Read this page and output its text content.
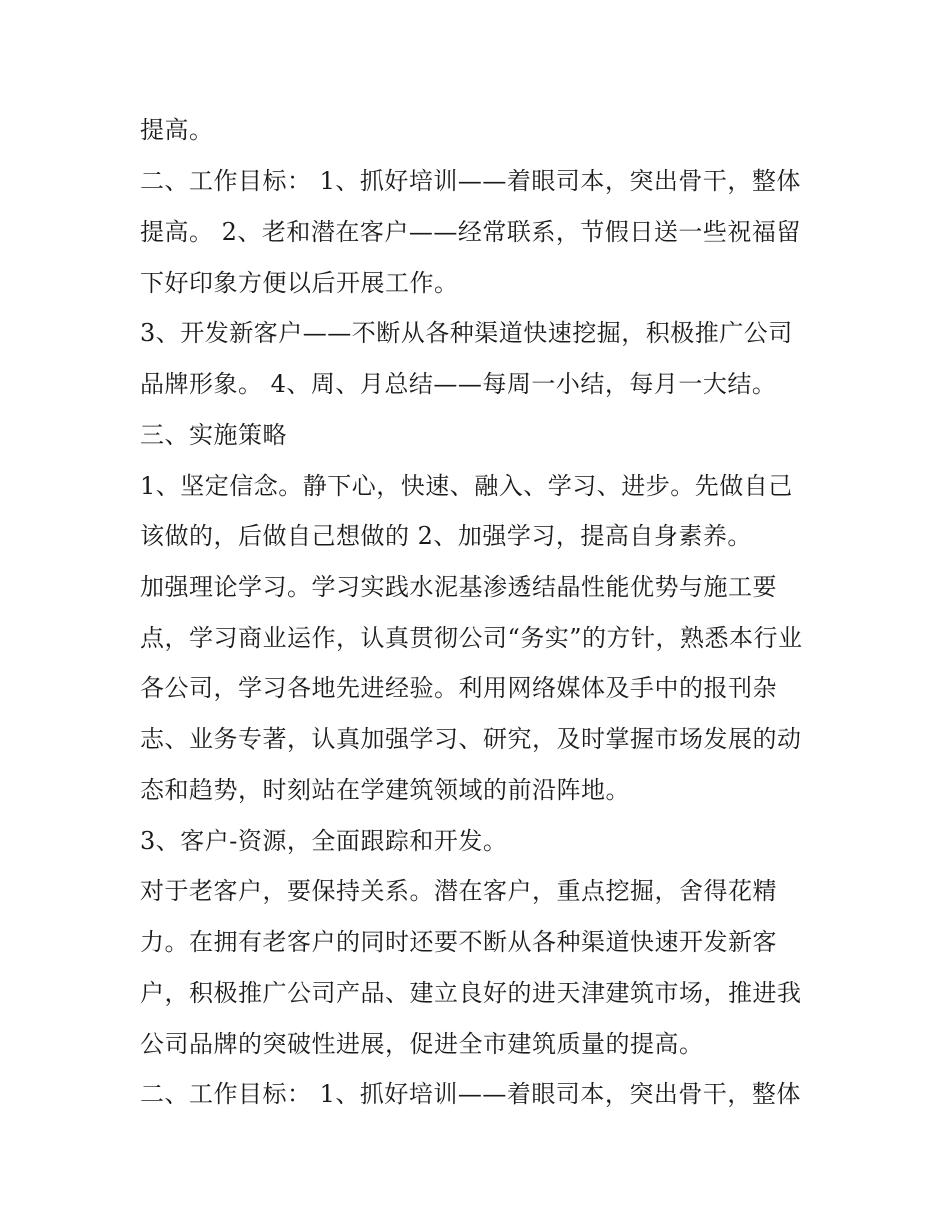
提高。
二、工作目标： 1、抓好培训——着眼司本，突出骨干，整体
提高。 2、老和潜在客户——经常联系，节假日送一些祝福留
下好印象方便以后开展工作。
3、开发新客户——不断从各种渠道快速挖掘，积极推广公司
品牌形象。 4、周、月总结——每周一小结，每月一大结。
三、实施策略
1、坚定信念。静下心，快速、融入、学习、进步。先做自己
该做的，后做自己想做的 2、加强学习，提高自身素养。
加强理论学习。学习实践水泥基渗透结晶性能优势与施工要
点，学习商业运作，认真贯彻公司“务实”的方针，熟悉本行业
各公司，学习各地先进经验。利用网络媒体及手中的报刊杂
志、业务专著，认真加强学习、研究，及时掌握市场发展的动
态和趋势，时刻站在学建筑领域的前沿阵地。
3、客户-资源，全面跟踪和开发。
对于老客户，要保持关系。潜在客户，重点挖掘，舍得花精
力。在拥有老客户的同时还要不断从各种渠道快速开发新客
户，积极推广公司产品、建立良好的进天津建筑市场，推进我
公司品牌的突破性进展，促进全市建筑质量的提高。
二、工作目标： 1、抓好培训——着眼司本，突出骨干，整体
